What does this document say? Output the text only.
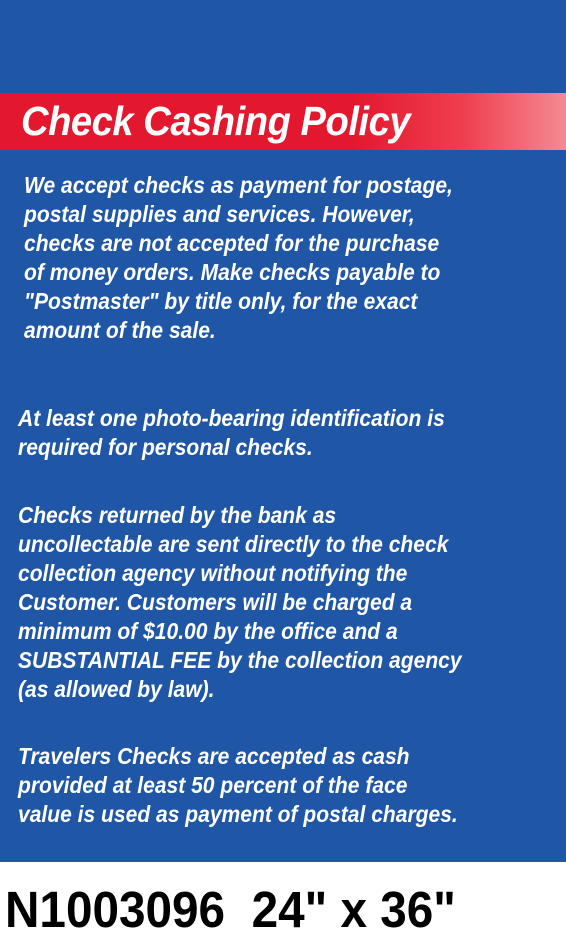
Check Cashing Policy

We accept checks as payment for postage,
postal supplies and services. However,
checks are not accepted for the purchase
of money orders. Make checks payable to
"Postmaster" by title only, for the exact
amount of the sale.

At least one photo-bearing identification is
required for personal checks.

Checks returned by the bank as
uncollectable are sent directly to the check
collection agency without notifying the
Customer. Customers will be charged a
minimum of $10.00 by the office and a
SUBSTANTIAL FEE by the collection agency
(as allowed by law).

Travelers Checks are accepted as cash
provided at least 50 percent of the face
value is used as payment of postal charges.

N1003096 24" x 36"
